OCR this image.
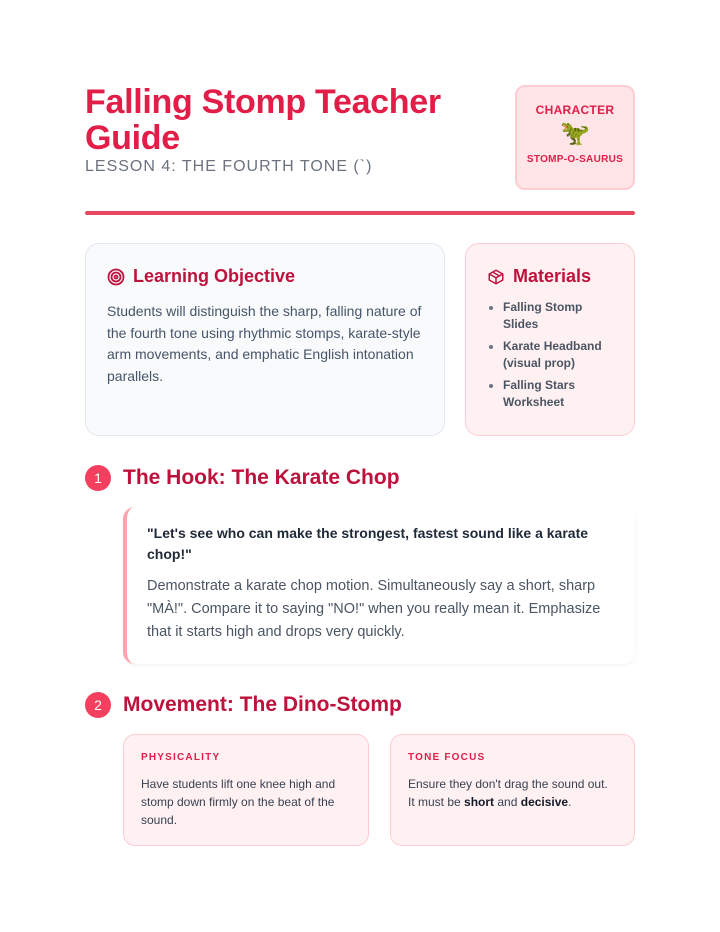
Falling Stomp Teacher Guide
LESSON 4: THE FOURTH TONE (`)
CHARACTER
🦖
STOMP-O-SAURUS
Learning Objective

Students will distinguish the sharp, falling nature of the fourth tone using rhythmic stomps, karate-style arm movements, and emphatic English intonation parallels.

Materials
• Falling Stomp Slides
• Karate Headband (visual prop)
• Falling Stars Worksheet
1	The Hook: The Karate Chop

"Let's see who can make the strongest, fastest sound like a karate chop!"

Demonstrate a karate chop motion. Simultaneously say a short, sharp "MÀ!". Compare it to saying "NO!" when you really mean it. Emphasize that it starts high and drops very quickly.

2	Movement: The Dino-Stomp
PHYSICALITY

Have students lift one knee high and stomp down firmly on the beat of the sound.

TONE FOCUS

Ensure they don't drag the sound out. It must be short and decisive.
